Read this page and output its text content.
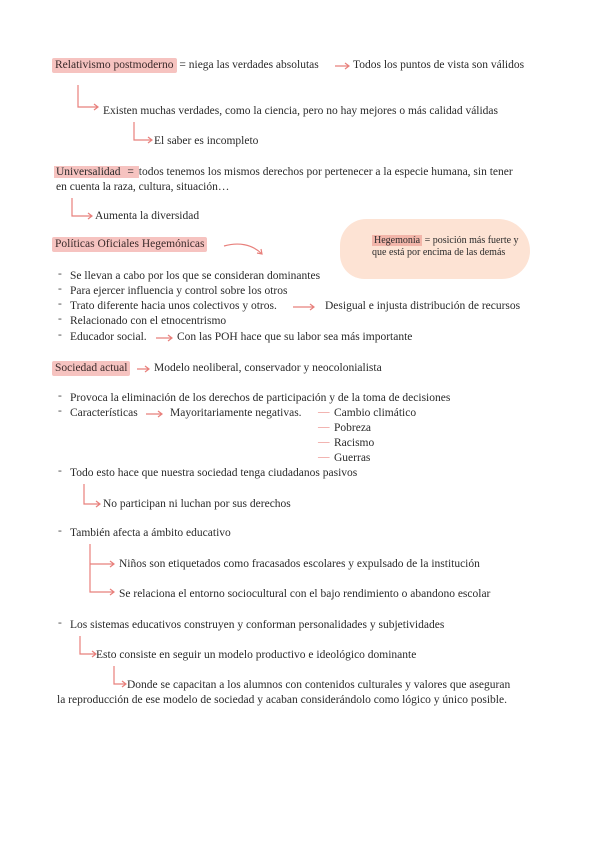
Relativismo postmoderno = niega las verdades absolutas	Todos los puntos de vista son válidos
Existen muchas verdades, como la ciencia, pero no hay mejores o más calidad válidas
El saber es incompleto
Universalidad = todos tenemos los mismos derechos por pertenecer a la especie humana, sin tener
en cuenta la raza, cultura, situación…
Aumenta la diversidad
Hegemonía = posición más fuerte y que está por encima de las demás
Políticas Oficiales Hegemónicas
- Se llevan a cabo por los que se consideran dominantes
- Para ejercer influencia y control sobre los otros
- Trato diferente hacia unos colectivos y otros.	Desigual e injusta distribución de recursos
- Relacionado con el etnocentrismo
- Educador social.	Con las POH hace que su labor sea más importante
Sociedad actual Modelo neoliberal, conservador y neocolonialista
- Provoca la eliminación de los derechos de participación y de la toma de decisiones
- Características	Mayoritariamente negativas. — Cambio climático
— Pobreza
— Racismo
— Guerras
- Todo esto hace que nuestra sociedad tenga ciudadanos pasivos
No participan ni luchan por sus derechos
- También afecta a ámbito educativo
Niños son etiquetados como fracasados escolares y expulsado de la institución
Se relaciona el entorno sociocultural con el bajo rendimiento o abandono escolar
- Los sistemas educativos construyen y conforman personalidades y subjetividades
Esto consiste en seguir un modelo productivo e ideológico dominante
Donde se capacitan a los alumnos con contenidos culturales y valores que aseguran
la reproducción de ese modelo de sociedad y acaban considerándolo como lógico y único posible.
